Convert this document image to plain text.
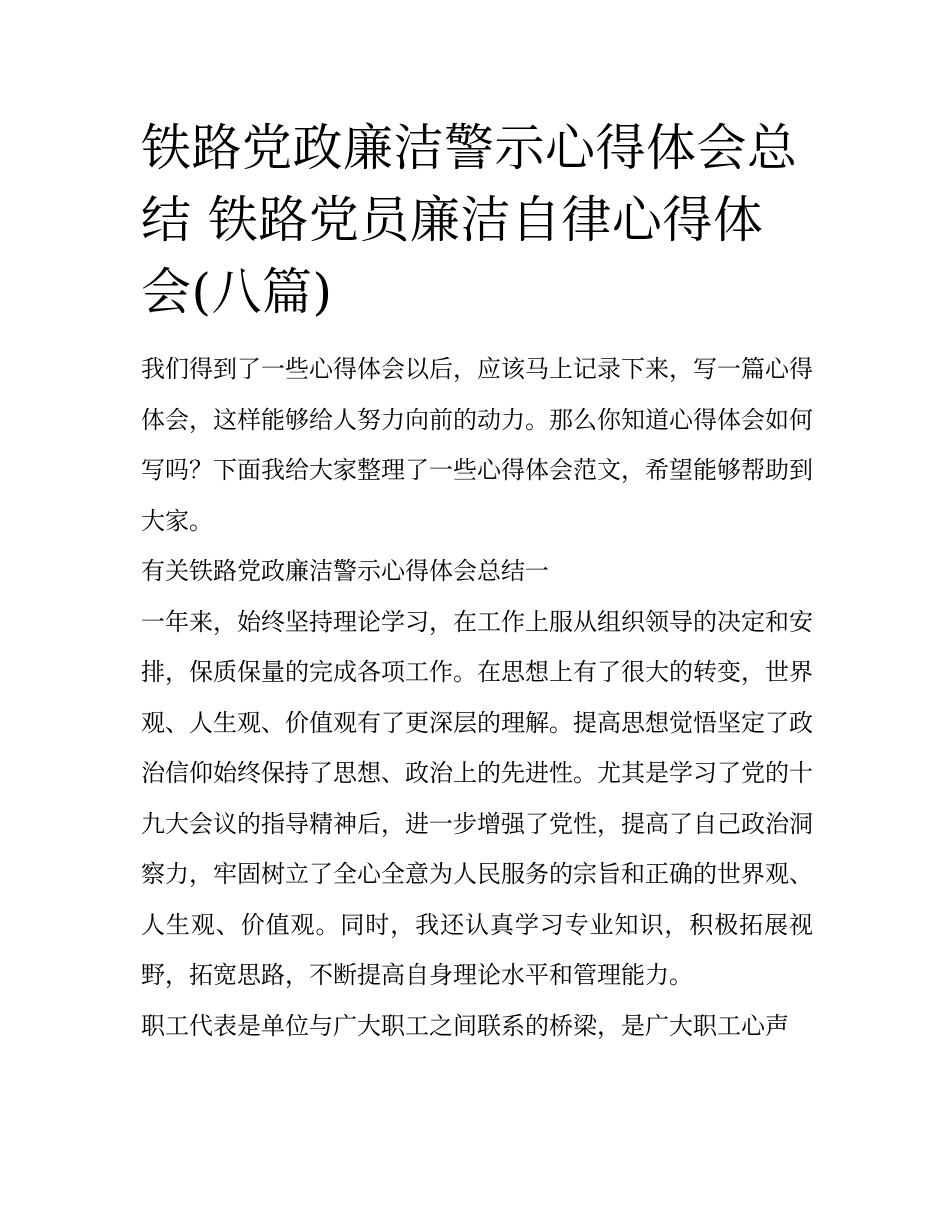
铁路党政廉洁警示心得体会总结 铁路党员廉洁自律心得体会(八篇)

我们得到了一些心得体会以后，应该马上记录下来，写一篇心得体会，这样能够给人努力向前的动力。那么你知道心得体会如何写吗？下面我给大家整理了一些心得体会范文，希望能够帮助到大家。

有关铁路党政廉洁警示心得体会总结一

一年来，始终坚持理论学习，在工作上服从组织领导的决定和安排，保质保量的完成各项工作。在思想上有了很大的转变，世界观、人生观、价值观有了更深层的理解。提高思想觉悟坚定了政治信仰始终保持了思想、政治上的先进性。尤其是学习了党的十九大会议的指导精神后，进一步增强了党性，提高了自己政治洞察力，牢固树立了全心全意为人民服务的宗旨和正确的世界观、人生观、价值观。同时，我还认真学习专业知识，积极拓展视野，拓宽思路，不断提高自身理论水平和管理能力。

职工代表是单位与广大职工之间联系的桥梁，是广大职工心声
